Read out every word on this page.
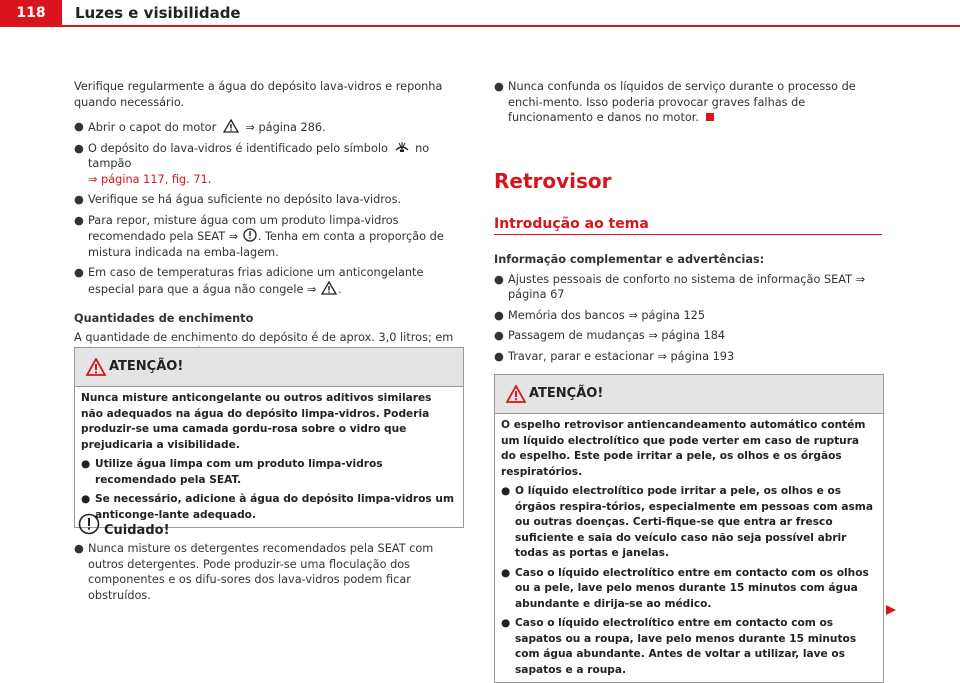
118	Luzes e visibilidade

Verifique regularmente a água do depósito lava-vidros e reponha quando necessário.

● Abrir o capot do motor	⇒ página 286.

● O depósito do lava-vidros é identificado pelo símbolo no tampão
⇒ página 117, fig. 71.

● Verifique se há água suficiente no depósito lava-vidros.

● Para repor, misture água com um produto limpa-vidros recomendado pela SEAT ⇒ . Tenha em conta a proporção de mistura indicada na emba-lagem.

● Em caso de temperaturas frias adicione um anticongelante especial para que a água não congele ⇒ .

Quantidades de enchimento

A quantidade de enchimento do depósito é de aprox. 3,0 litros; em

ATENÇÃO!

Nunca misture anticongelante ou outros aditivos similares não adequados na água do depósito limpa-vidros. Poderia produzir-se uma camada gordu-rosa sobre o vidro que prejudicaria a visibilidade.

● Utilize água limpa com um produto limpa-vidros recomendado pela SEAT.

● Se necessário, adicione à água do depósito limpa-vidros um anticonge-lante adequado.

Cuidado!

● Nunca misture os detergentes recomendados pela SEAT com outros detergentes. Pode produzir-se uma floculação dos componentes e os difu-sores dos lava-vidros podem ficar obstruídos.

● Nunca confunda os líquidos de serviço durante o processo de enchi-mento. Isso poderia provocar graves falhas de funcionamento e danos no motor.

Retrovisor
Introdução ao tema

Informação complementar e advertências:

● Ajustes pessoais de conforto no sistema de informação SEAT ⇒ página 67

● Memória dos bancos ⇒ página 125

● Passagem de mudanças ⇒ página 184

● Travar, parar e estacionar ⇒ página 193

ATENÇÃO!

O espelho retrovisor antiencandeamento automático contém um líquido electrolítico que pode verter em caso de ruptura do espelho. Este pode irritar a pele, os olhos e os órgãos respiratórios.

● O líquido electrolítico pode irritar a pele, os olhos e os órgãos respira-tórios, especialmente em pessoas com asma ou outras doenças. Certi-fique-se que entra ar fresco suficiente e saia do veículo caso não seja possível abrir todas as portas e janelas.

● Caso o líquido electrolítico entre em contacto com os olhos ou a pele, lave pelo menos durante 15 minutos com água abundante e dirija-se ao médico.

● Caso o líquido electrolítico entre em contacto com os sapatos ou a roupa, lave pelo menos durante 15 minutos com água abundante. Antes de voltar a utilizar, lave os sapatos e a roupa.
